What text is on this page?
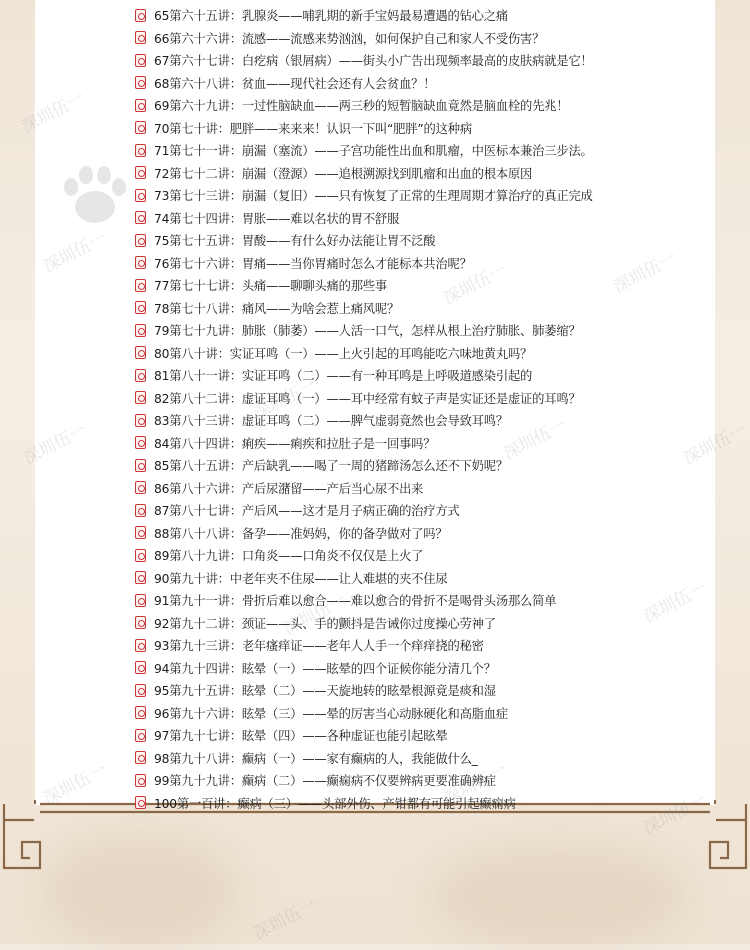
65第六十五讲：乳腺炎——哺乳期的新手宝妈最易遭遇的钻心之痛
66第六十六讲：流感——流感来势汹汹，如何保护自己和家人不受伤害？
67第六十七讲：白疙病（银屑病）——街头小广告出现频率最高的皮肤病就是它！
68第六十八讲：贫血——现代社会还有人会贫血？！
69第六十九讲：一过性脑缺血——两三秒的短暂脑缺血竟然是脑血栓的先兆！
70第七十讲：肥胖——来来来！认识一下叫“肥胖”的这种病
71第七十一讲：崩漏（塞流）——子宫功能性出血和肌瘤，中医标本兼治三步法。
72第七十二讲：崩漏（澄源）——追根溯源找到肌瘤和出血的根本原因
73第七十三讲：崩漏（复旧）——只有恢复了正常的生理周期才算治疗的真正完成
74第七十四讲：胃胀——难以名状的胃不舒服
75第七十五讲：胃酸——有什么好办法能让胃不泛酸
76第七十六讲：胃痛——当你胃痛时怎么才能标本共治呢？
77第七十七讲：头痛——聊聊头痛的那些事
78第七十八讲：痛风——为啥会惹上痛风呢？
79第七十九讲：肺胀（肺萎）——人活一口气，怎样从根上治疗肺胀、肺萎缩？
80第八十讲：实证耳鸣（一）——上火引起的耳鸣能吃六味地黄丸吗？
81第八十一讲：实证耳鸣（二）——有一种耳鸣是上呼吸道感染引起的
82第八十二讲：虚证耳鸣（一）——耳中经常有蚊子声是实证还是虚证的耳鸣？
83第八十三讲：虚证耳鸣（二）——脾气虚弱竟然也会导致耳鸣？
84第八十四讲：痢疾——痢疾和拉肚子是一回事吗？
85第八十五讲：产后缺乳——喝了一周的猪蹄汤怎么还不下奶呢？
86第八十六讲：产后尿潴留——产后当心尿不出来
87第八十七讲：产后风——这才是月子病正确的治疗方式
88第八十八讲：备孕——准妈妈，你的备孕做对了吗？
89第八十九讲：口角炎——口角炎不仅仅是上火了
90第九十讲：中老年夹不住尿——让人难堪的夹不住尿
91第九十一讲：骨折后难以愈合——难以愈合的骨折不是喝骨头汤那么简单
92第九十二讲：颈证——头、手的颤抖是告诫你过度操心劳神了
93第九十三讲：老年瘙痒证——老年人人手一个痒痒挠的秘密
94第九十四讲：眩晕（一）——眩晕的四个证候你能分清几个？
95第九十五讲：眩晕（二）——天旋地转的眩晕根源竟是痰和湿
96第九十六讲：眩晕（三）——晕的厉害当心动脉硬化和高脂血症
97第九十七讲：眩晕（四）——各种虚证也能引起眩晕
98第九十八讲：癫病（一）——家有癫病的人，我能做什么_
99第九十九讲：癫病（二）——癫痫病不仅要辨病更要准确辨症
100第一百讲：癫病（三）——头部外伤、产钳都有可能引起癫痫病
